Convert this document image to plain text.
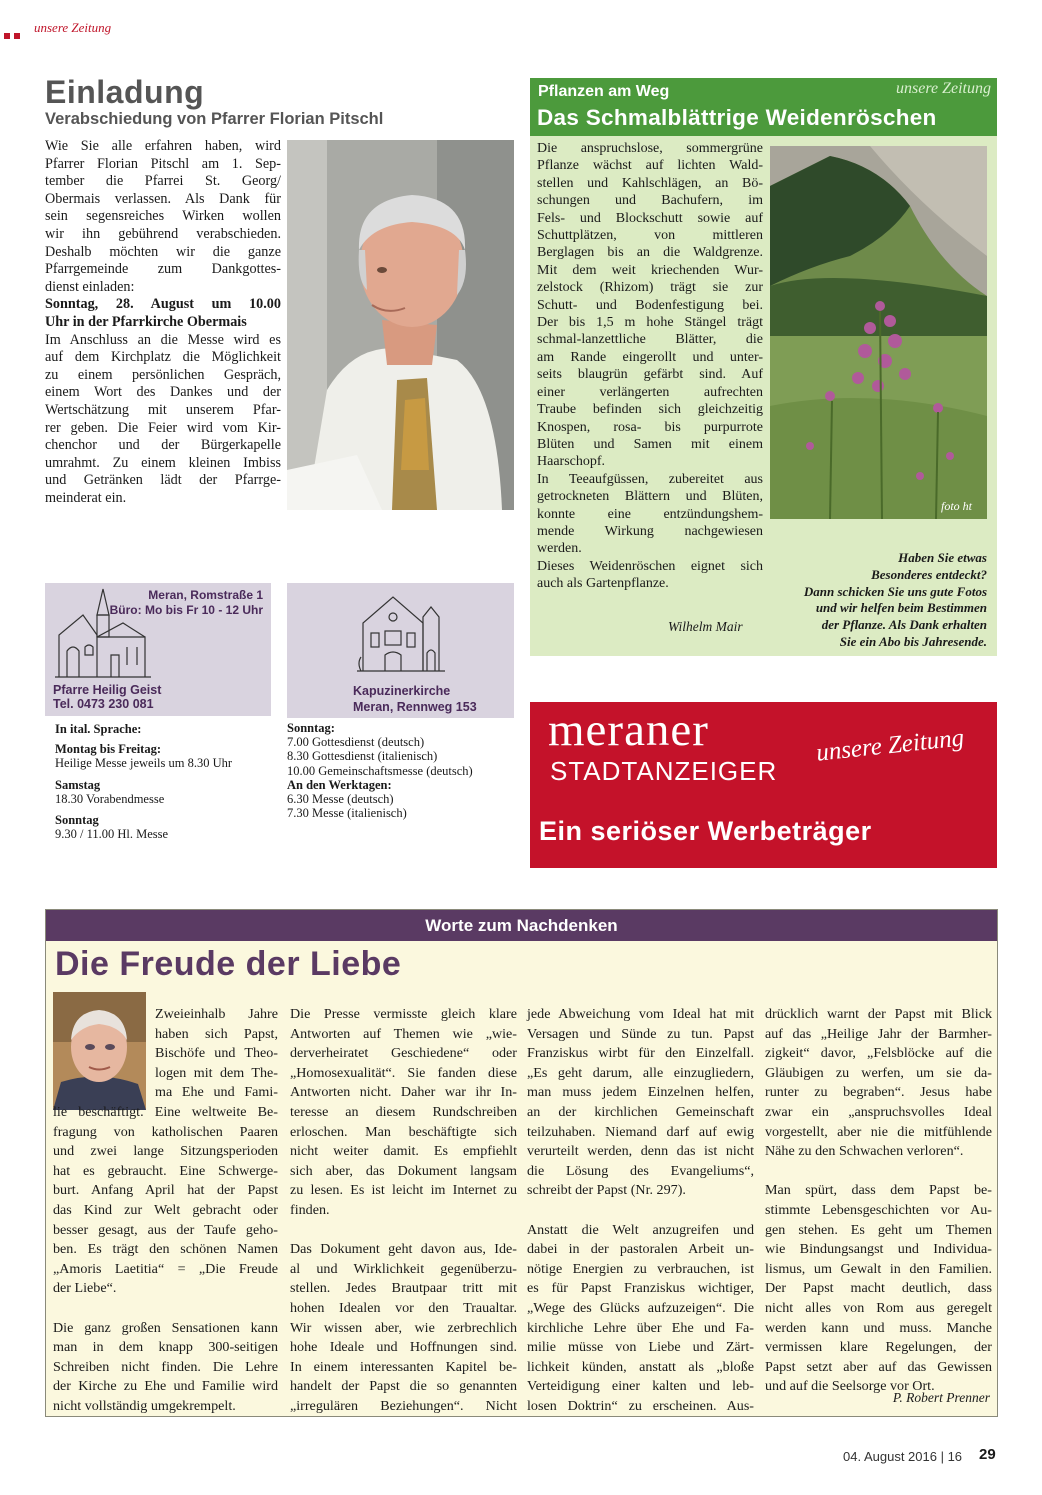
unsere Zeitung
Einladung
Verabschiedung von Pfarrer Florian Pitschl
Wie Sie alle erfahren haben, wird
Pfarrer Florian Pitschl am 1. Sep-
tember die Pfarrei St. Georg/
Obermais verlassen. Als Dank für
sein segensreiches Wirken wollen
wir ihn gebührend verabschieden.
Deshalb möchten wir die ganze
Pfarrgemeinde zum Dankgottes-
dienst einladen:
Sonntag, 28. August um 10.00
Uhr in der Pfarrkirche Obermais
Im Anschluss an die Messe wird es
auf dem Kirchplatz die Möglichkeit
zu einem persönlichen Gespräch,
einem Wort des Dankes und der
Wertschätzung mit unserem Pfar-
rer geben. Die Feier wird vom Kir-
chenchor und der Bürgerkapelle
umrahmt. Zu einem kleinen Imbiss
und Getränken lädt der Pfarrge-
meinderat ein.
Meran, Romstraße 1
Büro: Mo bis Fr 10 - 12 Uhr
Pfarre Heilig Geist
Tel. 0473 230 081
In ital. Sprache:
Montag bis Freitag:
Heilige Messe jeweils um 8.30 Uhr
Samstag
18.30 Vorabendmesse
Sonntag
9.30 / 11.00 Hl. Messe
Kapuzinerkirche
Meran, Rennweg 153
Sonntag:
7.00 Gottesdienst (deutsch)
8.30 Gottesdienst (italienisch)
10.00 Gemeinschaftsmesse (deutsch)
An den Werktagen:
6.30 Messe (deutsch)
7.30 Messe (italienisch)
Pflanzen am Weg	unsere Zeitung
Das Schmalblättrige Weidenröschen
Die anspruchslose, sommergrüne
Pflanze wächst auf lichten Wald-
stellen und Kahlschlägen, an Bö-
schungen und Bachufern, im
Fels- und Blockschutt sowie auf
Schuttplätzen, von mittleren
Berglagen bis an die Waldgrenze.
Mit dem weit kriechenden Wur-
zelstock (Rhizom) trägt sie zur
Schutt- und Bodenfestigung bei.
Der bis 1,5 m hohe Stängel trägt
schmal-lanzettliche Blätter, die
am Rande eingerollt und unter-
seits blaugrün gefärbt sind. Auf
einer verlängerten aufrechten
Traube befinden sich gleichzeitig
Knospen, rosa- bis purpurrote
Blüten und Samen mit einem
Haarschopf.
In Teeaufgüssen, zubereitet aus
getrockneten Blättern und Blüten,
konnte eine entzündungshem-
mende Wirkung nachgewiesen
werden.
Dieses Weidenröschen eignet sich
auch als Gartenpflanze.
Wilhelm Mair
foto ht
Haben Sie etwas
Besonderes entdeckt?
Dann schicken Sie uns gute Fotos
und wir helfen beim Bestimmen
der Pflanze. Als Dank erhalten
Sie ein Abo bis Jahresende.
meraner
STADTANZEIGER
unsere Zeitung
Ein seriöser Werbeträger
Worte zum Nachdenken
Die Freude der Liebe
Zweieinhalb Jahre
haben sich Papst,
Bischöfe und Theo-
logen mit dem The-
ma Ehe und Fami-
lie beschäftigt. Eine weltweite Be-
fragung von katholischen Paaren
und zwei lange Sitzungsperioden
hat es gebraucht. Eine Schwerge-
burt. Anfang April hat der Papst
das Kind zur Welt gebracht oder
besser gesagt, aus der Taufe geho-
ben. Es trägt den schönen Namen
„Amoris Laetitia“ = „Die Freude
der Liebe“.

Die ganz großen Sensationen kann
man in dem knapp 300-seitigen
Schreiben nicht finden. Die Lehre
der Kirche zu Ehe und Familie wird
nicht vollständig umgekrempelt.
Die Presse vermisste gleich klare
Antworten auf Themen wie „wie-
derverheiratet Geschiedene“ oder
„Homosexualität“. Sie fanden diese
Antworten nicht. Daher war ihr In-
teresse an diesem Rundschreiben
erloschen. Man beschäftigte sich
nicht weiter damit. Es empfiehlt
sich aber, das Dokument langsam
zu lesen. Es ist leicht im Internet zu
finden.

Das Dokument geht davon aus, Ide-
al und Wirklichkeit gegenüberzu-
stellen. Jedes Brautpaar tritt mit
hohen Idealen vor den Traualtar.
Wir wissen aber, wie zerbrechlich
hohe Ideale und Hoffnungen sind.
In einem interessanten Kapitel be-
handelt der Papst die so genannten
„irregulären Beziehungen“. Nicht
jede Abweichung vom Ideal hat mit
Versagen und Sünde zu tun. Papst
Franziskus wirbt für den Einzelfall.
„Es geht darum, alle einzugliedern,
man muss jedem Einzelnen helfen,
an der kirchlichen Gemeinschaft
teilzuhaben. Niemand darf auf ewig
verurteilt werden, denn das ist nicht
die Lösung des Evangeliums“,
schreibt der Papst (Nr. 297).

Anstatt die Welt anzugreifen und
dabei in der pastoralen Arbeit un-
nötige Energien zu verbrauchen, ist
es für Papst Franziskus wichtiger,
„Wege des Glücks aufzuzeigen“. Die
kirchliche Lehre über Ehe und Fa-
milie müsse von Liebe und Zärt-
lichkeit künden, anstatt als „bloße
Verteidigung einer kalten und leb-
losen Doktrin“ zu erscheinen. Aus-
drücklich warnt der Papst mit Blick
auf das „Heilige Jahr der Barmher-
zigkeit“ davor, „Felsblöcke auf die
Gläubigen zu werfen, um sie da-
runter zu begraben“. Jesus habe
zwar ein „anspruchsvolles Ideal
vorgestellt, aber nie die mitfühlende
Nähe zu den Schwachen verloren“.

Man spürt, dass dem Papst be-
stimmte Lebensgeschichten vor Au-
gen stehen. Es geht um Themen
wie Bindungsangst und Individua-
lismus, um Gewalt in den Familien.
Der Papst macht deutlich, dass
nicht alles von Rom aus geregelt
werden kann und muss. Manche
vermissen klare Regelungen, der
Papst setzt aber auf das Gewissen
und auf die Seelsorge vor Ort.
P. Robert Prenner
04. August 2016 | 16 29
